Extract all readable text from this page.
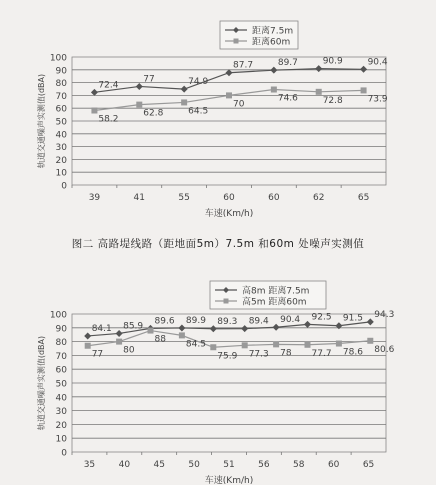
0
10
20
30
40
50
60
70
80
90
100
39	41	55	60	60	62	65
车速(Km/h)
轨道交通噪声实测值(dBA)	72.4
77	74.9
87.7	89.7	90.9	90.4
58.2
62.8	64.5
70
74.6	72.8	73.9
距离7.5m
距离60m
图二 高路堤线路（距地面5m）7.5m 和60m 处噪声实测值
0
10
20
30
40
50
60
70
80
90
100
35	40	45	50	51	56	58	60	65
车速(Km/h)
轨道交通噪声实测值(dBA)
84.1 85.9
89.6 89.9 89.3 89.4 90.4 92.5 91.5 94.3
77 80
88 84.5
75.9 77.3 78 77.7 78.6 80.6
高8m 距离7.5m
高5m 距离60m
